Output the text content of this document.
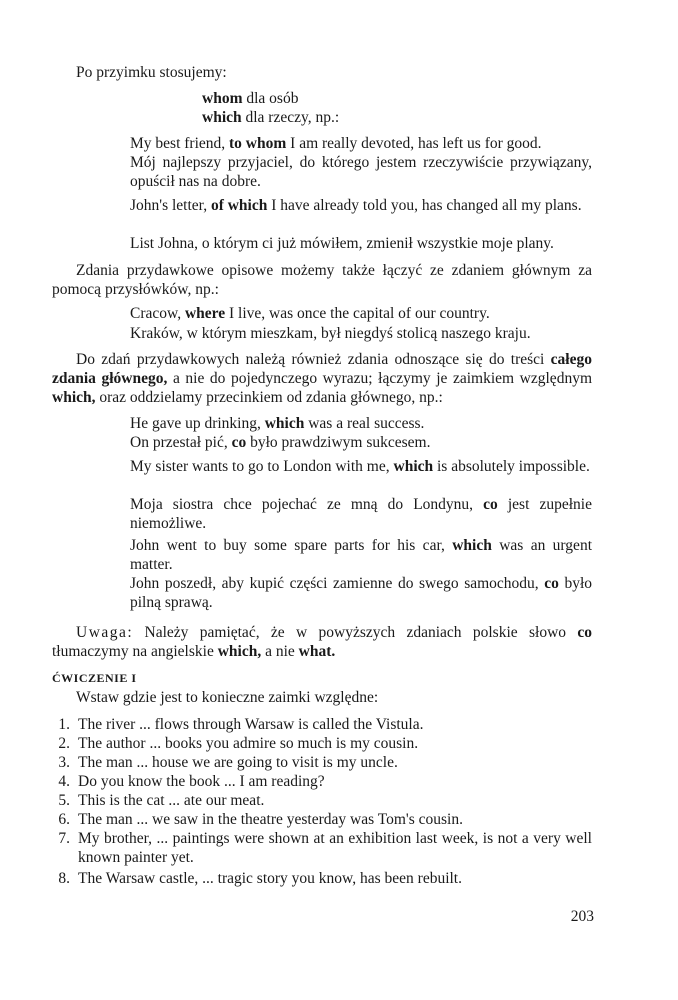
Po przyimku stosujemy:
whom dla osób
which dla rzeczy, np.:
My best friend, to whom I am really devoted, has left us for good.
Mój najlepszy przyjaciel, do którego jestem rzeczywiście przywiązany, opuścił nas na dobre.
John's letter, of which I have already told you, has changed all my plans.
List Johna, o którym ci już mówiłem, zmienił wszystkie moje plany.
Zdania przydawkowe opisowe możemy także łączyć ze zdaniem głównym za pomocą przysłówków, np.:
Cracow, where I live, was once the capital of our country.
Kraków, w którym mieszkam, był niegdyś stolicą naszego kraju.
Do zdań przydawkowych należą również zdania odnoszące się do treści całego zdania głównego, a nie do pojedynczego wyrazu; łączymy je zaimkiem względnym which, oraz oddzielamy przecinkiem od zdania głównego, np.:
He gave up drinking, which was a real success.
On przestał pić, co było prawdziwym sukcesem.
My sister wants to go to London with me, which is absolutely impossible.
Moja siostra chce pojechać ze mną do Londynu, co jest zupełnie niemożliwe.
John went to buy some spare parts for his car, which was an urgent matter.
John poszedł, aby kupić części zamienne do swego samochodu, co było pilną sprawą.
Uwaga: Należy pamiętać, że w powyższych zdaniach polskie słowo co tłumaczymy na angielskie which, a nie what.
ĆWICZENIE I
Wstaw gdzie jest to konieczne zaimki względne:
1. The river ... flows through Warsaw is called the Vistula.
2. The author ... books you admire so much is my cousin.
3. The man ... house we are going to visit is my uncle.
4. Do you know the book ... I am reading?
5. This is the cat ... ate our meat.
6. The man ... we saw in the theatre yesterday was Tom's cousin.
7. My brother, ... paintings were shown at an exhibition last week, is not a very well known painter yet.
8. The Warsaw castle, ... tragic story you know, has been rebuilt.
203
